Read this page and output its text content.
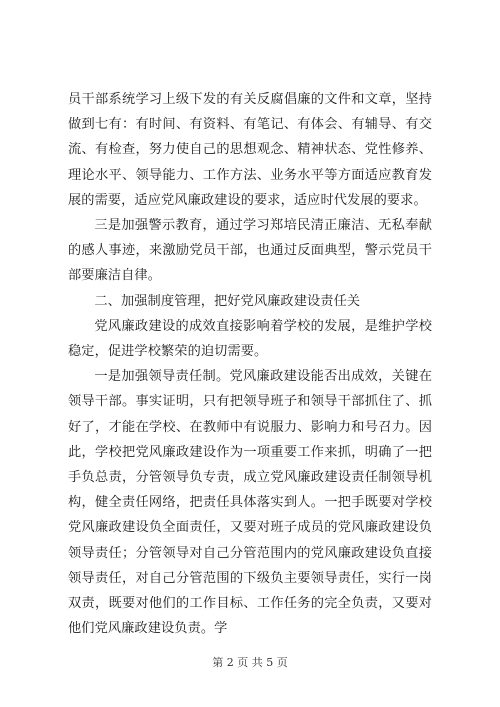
员干部系统学习上级下发的有关反腐倡廉的文件和文章，坚持做到七有：有时间、有资料、有笔记、有体会、有辅导、有交流、有检查，努力使自己的思想观念、精神状态、党性修养、理论水平、领导能力、工作方法、业务水平等方面适应教育发展的需要，适应党风廉政建设的要求，适应时代发展的要求。

三是加强警示教育，通过学习郑培民清正廉洁、无私奉献的感人事迹，来激励党员干部，也通过反面典型，警示党员干部要廉洁自律。

二、加强制度管理，把好党风廉政建设责任关

党风廉政建设的成效直接影响着学校的发展，是维护学校稳定，促进学校繁荣的迫切需要。

一是加强领导责任制。党风廉政建设能否出成效，关键在领导干部。事实证明，只有把领导班子和领导干部抓住了、抓好了，才能在学校、在教师中有说服力、影响力和号召力。因此，学校把党风廉政建设作为一项重要工作来抓，明确了一把手负总责，分管领导负专责，成立党风廉政建设责任制领导机构，健全责任网络，把责任具体落实到人。一把手既要对学校党风廉政建设负全面责任，又要对班子成员的党风廉政建设负领导责任；分管领导对自己分管范围内的党风廉政建设负直接领导责任，对自己分管范围的下级负主要领导责任，实行一岗双责，既要对他们的工作目标、工作任务的完全负责，又要对他们党风廉政建设负责。学

第 2 页 共 5 页
